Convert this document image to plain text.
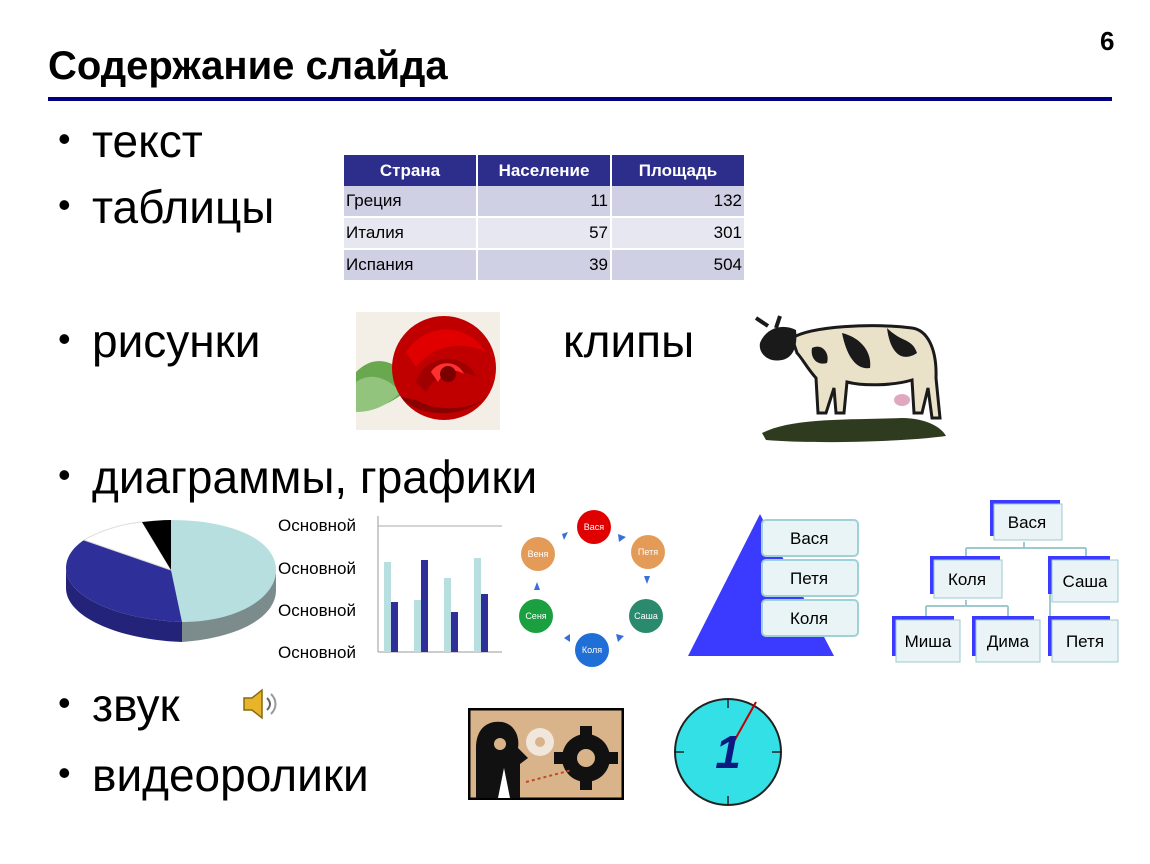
6
Содержание слайда
• текст
• таблицы
• рисунки	клипы
• диаграммы, графики
• звук
• видеоролики
Страна	Население	Площадь
Греция	11	132
Италия	57	301
Испания	39	504
Основной
Основной
Основной
Основной
Вася
Петя
Саша
Коля
Сеня
Веня
Вася
Петя
Коля
Вася
Коля	Саша
Миша Дима Петя
1
